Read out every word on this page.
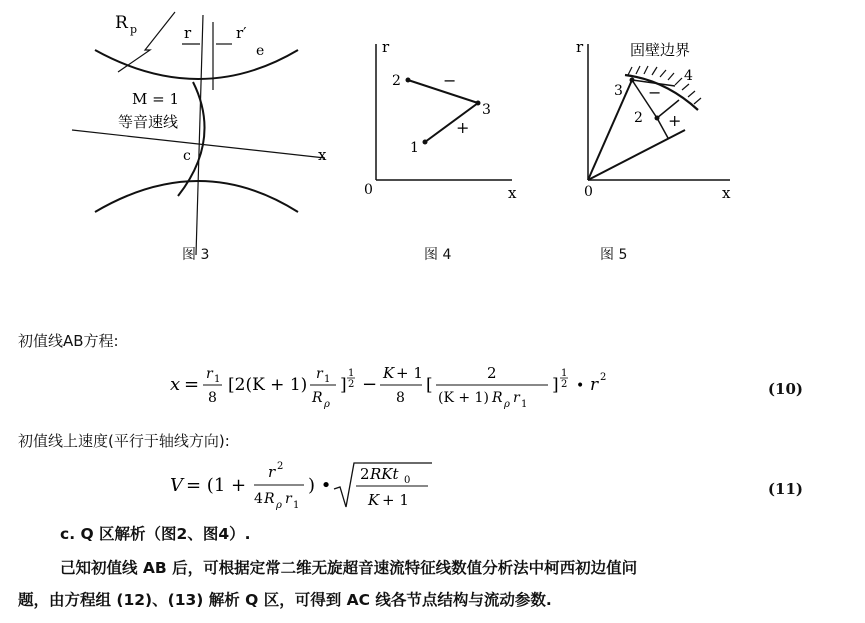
R p	r	r′
e
M = 1
等音速线
c	x
r
x
0
2
3
1
−
+
r
x
0
固壁边界
3
2
4
−
+
图 3	图 4	图 5
初值线AB方程:
x = r 1
8
[2(K + 1)
r 1
R ρ
]
1
2 −
K + 1
8
[
2
(K + 1) R ρ r 1
]
1
2 • r 2
(10)
初值线上速度(平行于轴线方向):
V = (1 +
r 2
4 R ρ r 1
) •
2 RKt 0
K + 1
(11)
c. Q 区解析（图2、图4）.
己知初值线 AB 后，可根据定常二维无旋超音速流特征线数值分析法中柯西初边值问
题，由方程组 (12)、(13) 解析 Q 区，可得到 AC 线各节点结构与流动参数.
